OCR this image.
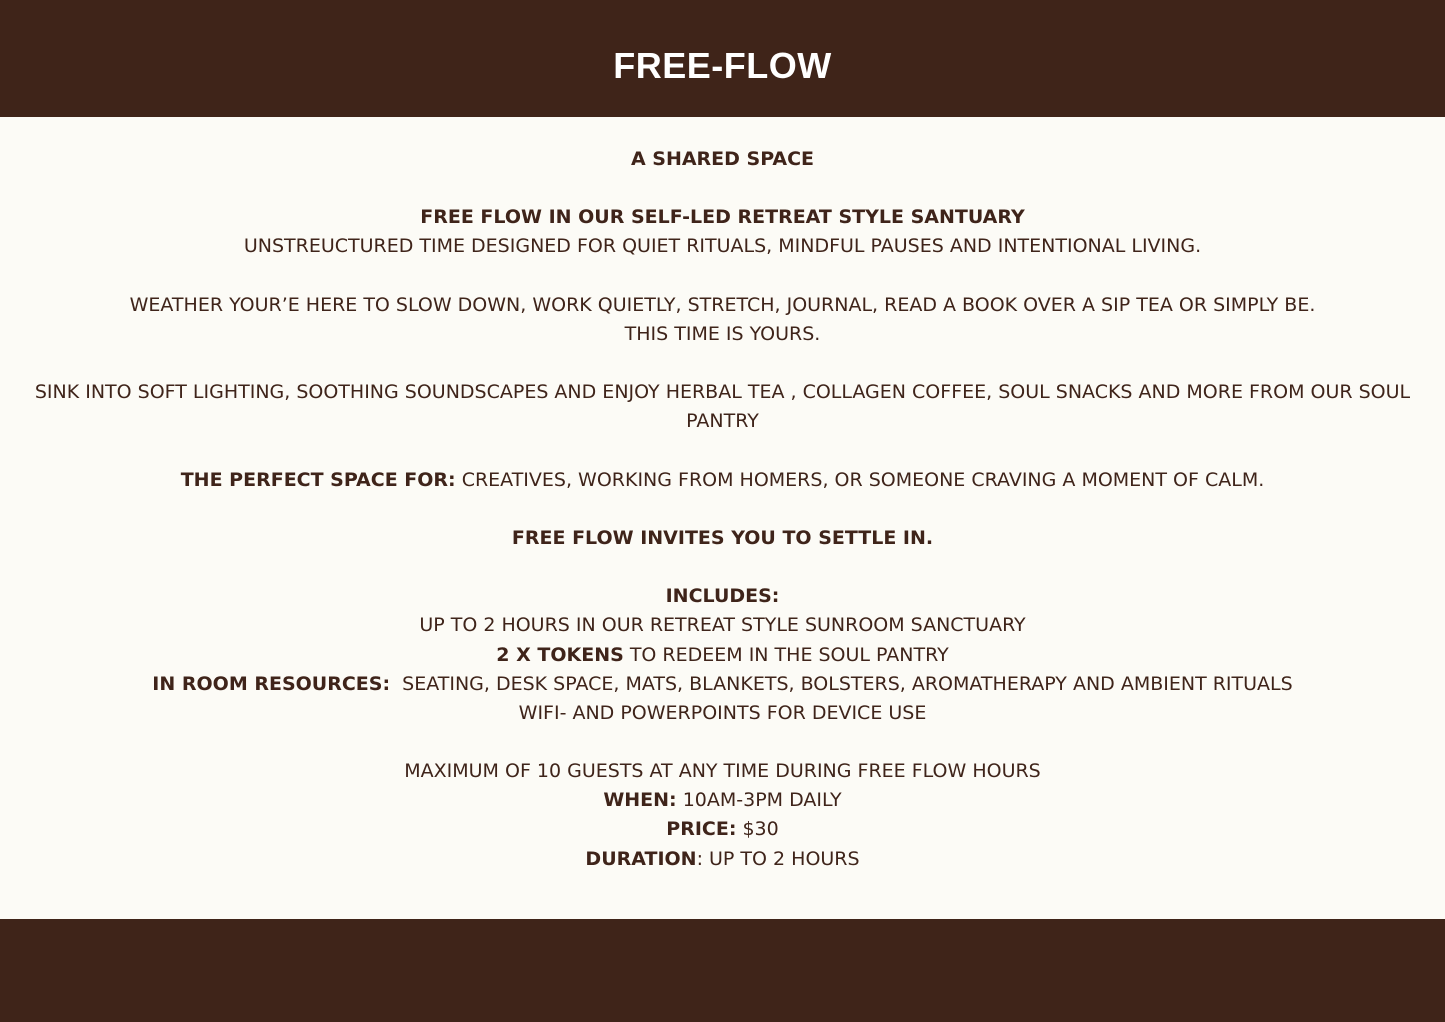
FREE-FLOW
A SHARED SPACE
FREE FLOW IN OUR SELF-LED RETREAT STYLE SANTUARY
UNSTREUCTURED TIME DESIGNED FOR QUIET RITUALS, MINDFUL PAUSES AND INTENTIONAL LIVING.
WEATHER YOUR’E HERE TO SLOW DOWN, WORK QUIETLY, STRETCH, JOURNAL, READ A BOOK OVER A SIP TEA OR SIMPLY BE.
THIS TIME IS YOURS.
SINK INTO SOFT LIGHTING, SOOTHING SOUNDSCAPES AND ENJOY HERBAL TEA , COLLAGEN COFFEE, SOUL SNACKS AND MORE FROM OUR SOUL PANTRY
THE PERFECT SPACE FOR: CREATIVES, WORKING FROM HOMERS, OR SOMEONE CRAVING A MOMENT OF CALM.
FREE FLOW INVITES YOU TO SETTLE IN.
INCLUDES:
UP TO 2 HOURS IN OUR RETREAT STYLE SUNROOM SANCTUARY
2 X TOKENS TO REDEEM IN THE SOUL PANTRY
IN ROOM RESOURCES:  SEATING, DESK SPACE, MATS, BLANKETS, BOLSTERS, AROMATHERAPY AND AMBIENT RITUALS
WIFI- AND POWERPOINTS FOR DEVICE USE
MAXIMUM OF 10 GUESTS AT ANY TIME DURING FREE FLOW HOURS
WHEN: 10AM-3PM DAILY
PRICE: $30
DURATION: UP TO 2 HOURS
